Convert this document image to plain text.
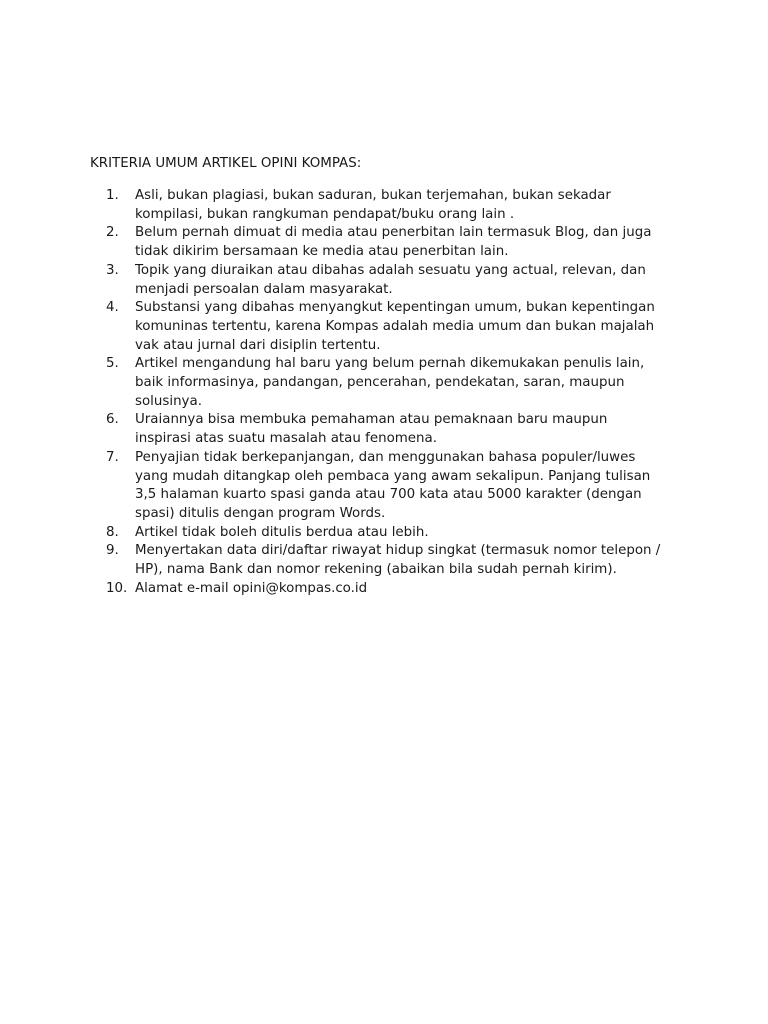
KRITERIA UMUM ARTIKEL OPINI KOMPAS:
1.	Asli, bukan plagiasi, bukan saduran, bukan terjemahan, bukan sekadar
kompilasi, bukan rangkuman pendapat/buku orang lain .
2.	Belum pernah dimuat di media atau penerbitan lain termasuk Blog, dan juga
tidak dikirim bersamaan ke media atau penerbitan lain.
3.	Topik yang diuraikan atau dibahas adalah sesuatu yang actual, relevan, dan
menjadi persoalan dalam masyarakat.
4.	Substansi yang dibahas menyangkut kepentingan umum, bukan kepentingan
komuninas tertentu, karena Kompas adalah media umum dan bukan majalah
vak atau jurnal dari disiplin tertentu.
5.	Artikel mengandung hal baru yang belum pernah dikemukakan penulis lain,
baik informasinya, pandangan, pencerahan, pendekatan, saran, maupun
solusinya.
6.	Uraiannya bisa membuka pemahaman atau pemaknaan baru maupun
inspirasi atas suatu masalah atau fenomena.
7.	Penyajian tidak berkepanjangan, dan menggunakan bahasa populer/luwes
yang mudah ditangkap oleh pembaca yang awam sekalipun. Panjang tulisan
3,5 halaman kuarto spasi ganda atau 700 kata atau 5000 karakter (dengan
spasi) ditulis dengan program Words.
8.	Artikel tidak boleh ditulis berdua atau lebih.
9.	Menyertakan data diri/daftar riwayat hidup singkat (termasuk nomor telepon /
HP), nama Bank dan nomor rekening (abaikan bila sudah pernah kirim).
10. Alamat e-mail opini@kompas.co.id
